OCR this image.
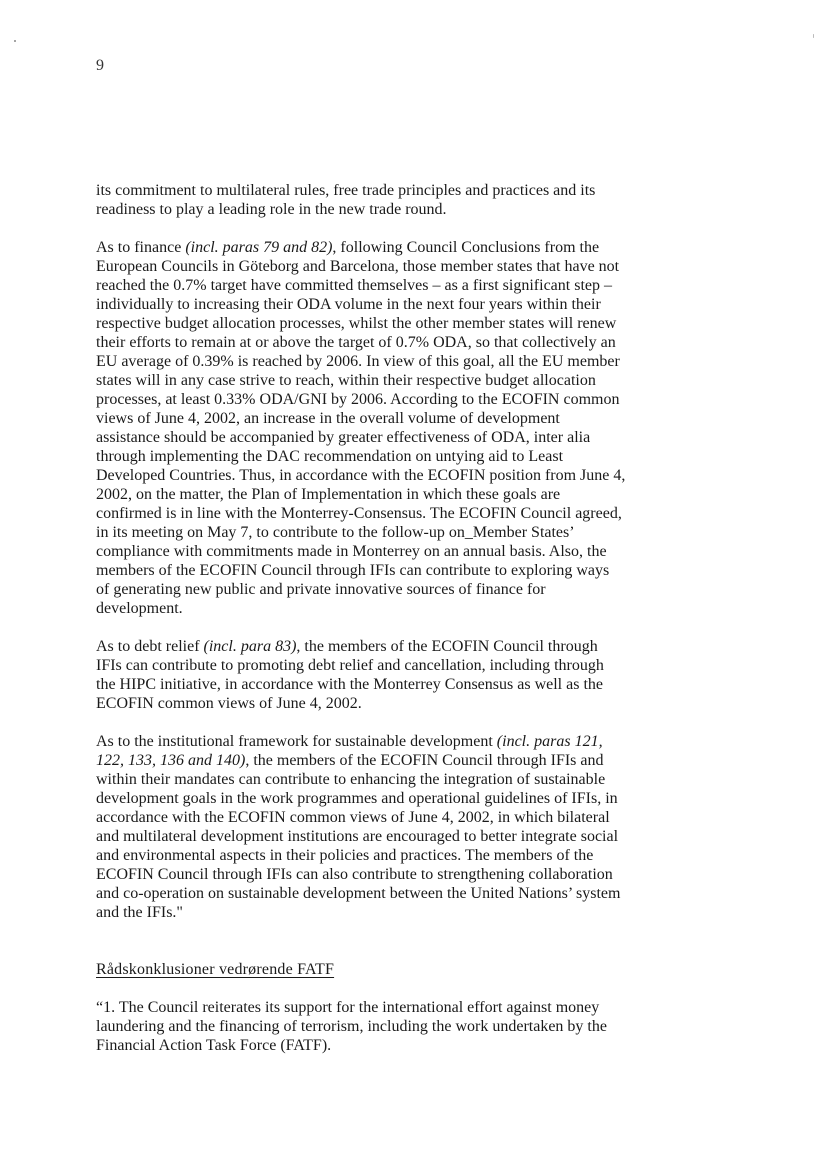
9

its commitment to multilateral rules, free trade principles and practices and its readiness to play a leading role in the new trade round.

As to finance (incl. paras 79 and 82), following Council Conclusions from the European Councils in Göteborg and Barcelona, those member states that have not reached the 0.7% target have committed themselves – as a first significant step – individually to increasing their ODA volume in the next four years within their respective budget allocation processes, whilst the other member states will renew their efforts to remain at or above the target of 0.7% ODA, so that collectively an EU average of 0.39% is reached by 2006. In view of this goal, all the EU member states will in any case strive to reach, within their respective budget allocation processes, at least 0.33% ODA/GNI by 2006. According to the ECOFIN common views of June 4, 2002, an increase in the overall volume of development assistance should be accompanied by greater effectiveness of ODA, inter alia through implementing the DAC recommendation on untying aid to Least Developed Countries. Thus, in accordance with the ECOFIN position from June 4, 2002, on the matter, the Plan of Implementation in which these goals are confirmed is in line with the Monterrey-Consensus. The ECOFIN Council agreed, in its meeting on May 7, to contribute to the follow-up on_Member States’ compliance with commitments made in Monterrey on an annual basis. Also, the members of the ECOFIN Council through IFIs can contribute to exploring ways of generating new public and private innovative sources of finance for development.

As to debt relief (incl. para 83), the members of the ECOFIN Council through IFIs can contribute to promoting debt relief and cancellation, including through the HIPC initiative, in accordance with the Monterrey Consensus as well as the ECOFIN common views of June 4, 2002.

As to the institutional framework for sustainable development (incl. paras 121, 122, 133, 136 and 140), the members of the ECOFIN Council through IFIs and within their mandates can contribute to enhancing the integration of sustainable development goals in the work programmes and operational guidelines of IFIs, in accordance with the ECOFIN common views of June 4, 2002, in which bilateral and multilateral development institutions are encouraged to better integrate social and environmental aspects in their policies and practices. The members of the ECOFIN Council through IFIs can also contribute to strengthening collaboration and co-operation on sustainable development between the United Nations’ system and the IFIs."

Rådskonklusioner vedrørende FATF

“1. The Council reiterates its support for the international effort against money laundering and the financing of terrorism, including the work undertaken by the Financial Action Task Force (FATF).
